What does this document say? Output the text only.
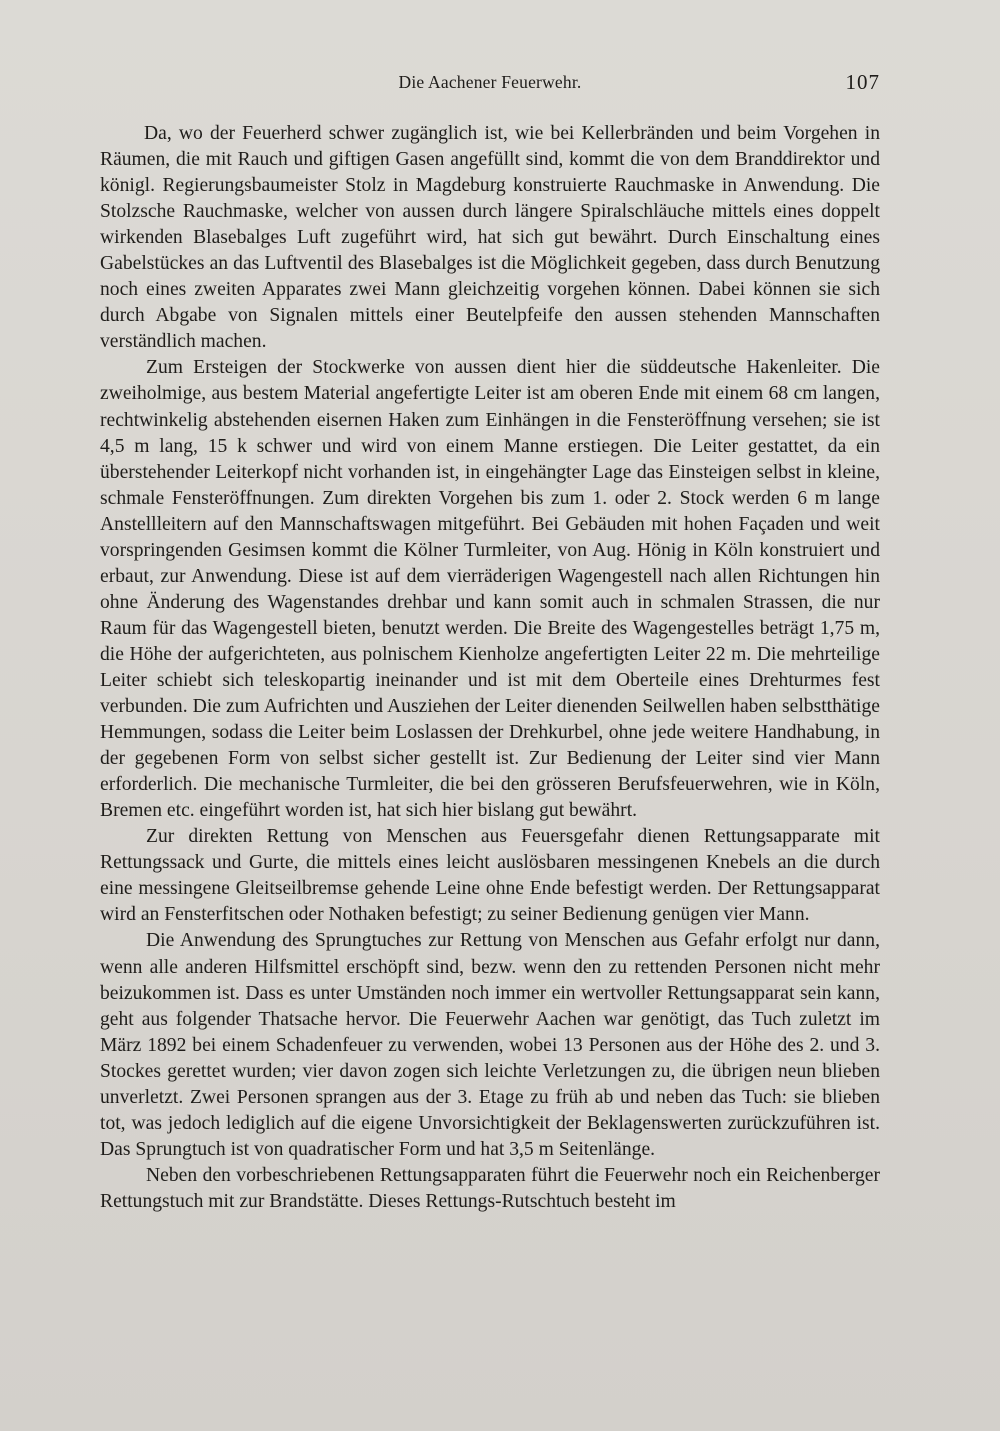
Die Aachener Feuerwehr.	107

Da, wo der Feuerherd schwer zugänglich ist, wie bei Kellerbränden und beim Vorgehen in Räumen, die mit Rauch und giftigen Gasen angefüllt sind, kommt die von dem Branddirektor und königl. Regierungsbaumeister Stolz in Magdeburg konstruierte Rauchmaske in Anwendung. Die Stolzsche Rauchmaske, welcher von aussen durch längere Spiralschläuche mittels eines doppelt wirkenden Blasebalges Luft zugeführt wird, hat sich gut bewährt. Durch Einschaltung eines Gabelstückes an das Luftventil des Blasebalges ist die Möglichkeit gegeben, dass durch Benutzung noch eines zweiten Apparates zwei Mann gleichzeitig vorgehen können. Dabei können sie sich durch Abgabe von Signalen mittels einer Beutelpfeife den aussen stehenden Mannschaften verständlich machen.

Zum Ersteigen der Stockwerke von aussen dient hier die süddeutsche Hakenleiter. Die zweiholmige, aus bestem Material angefertigte Leiter ist am oberen Ende mit einem 68 cm langen, rechtwinkelig abstehenden eisernen Haken zum Einhängen in die Fensteröffnung versehen; sie ist 4,5 m lang, 15 k schwer und wird von einem Manne erstiegen. Die Leiter gestattet, da ein überstehender Leiterkopf nicht vorhanden ist, in eingehängter Lage das Einsteigen selbst in kleine, schmale Fensteröffnungen. Zum direkten Vorgehen bis zum 1. oder 2. Stock werden 6 m lange Anstellleitern auf den Mannschaftswagen mitgeführt. Bei Gebäuden mit hohen Façaden und weit vorspringenden Gesimsen kommt die Kölner Turmleiter, von Aug. Hönig in Köln konstruiert und erbaut, zur Anwendung. Diese ist auf dem vierräderigen Wagengestell nach allen Richtungen hin ohne Änderung des Wagenstandes drehbar und kann somit auch in schmalen Strassen, die nur Raum für das Wagengestell bieten, benutzt werden. Die Breite des Wagengestelles beträgt 1,75 m, die Höhe der aufgerichteten, aus polnischem Kienholze angefertigten Leiter 22 m. Die mehrteilige Leiter schiebt sich teleskopartig ineinander und ist mit dem Oberteile eines Drehturmes fest verbunden. Die zum Aufrichten und Ausziehen der Leiter dienenden Seilwellen haben selbstthätige Hemmungen, sodass die Leiter beim Loslassen der Drehkurbel, ohne jede weitere Handhabung, in der gegebenen Form von selbst sicher gestellt ist. Zur Bedienung der Leiter sind vier Mann erforderlich. Die mechanische Turmleiter, die bei den grösseren Berufsfeuerwehren, wie in Köln, Bremen etc. eingeführt worden ist, hat sich hier bislang gut bewährt.

Zur direkten Rettung von Menschen aus Feuersgefahr dienen Rettungsapparate mit Rettungssack und Gurte, die mittels eines leicht auslösbaren messingenen Knebels an die durch eine messingene Gleitseilbremse gehende Leine ohne Ende befestigt werden. Der Rettungsapparat wird an Fensterfitschen oder Nothaken befestigt; zu seiner Bedienung genügen vier Mann.

Die Anwendung des Sprungtuches zur Rettung von Menschen aus Gefahr erfolgt nur dann, wenn alle anderen Hilfsmittel erschöpft sind, bezw. wenn den zu rettenden Personen nicht mehr beizukommen ist. Dass es unter Umständen noch immer ein wertvoller Rettungsapparat sein kann, geht aus folgender Thatsache hervor. Die Feuerwehr Aachen war genötigt, das Tuch zuletzt im März 1892 bei einem Schadenfeuer zu verwenden, wobei 13 Personen aus der Höhe des 2. und 3. Stockes gerettet wurden; vier davon zogen sich leichte Verletzungen zu, die übrigen neun blieben unverletzt. Zwei Personen sprangen aus der 3. Etage zu früh ab und neben das Tuch: sie blieben tot, was jedoch lediglich auf die eigene Unvorsichtigkeit der Beklagenswerten zurückzuführen ist. Das Sprungtuch ist von quadratischer Form und hat 3,5 m Seitenlänge.

Neben den vorbeschriebenen Rettungsapparaten führt die Feuerwehr noch ein Reichenberger Rettungstuch mit zur Brandstätte. Dieses Rettungs-Rutschtuch besteht im
